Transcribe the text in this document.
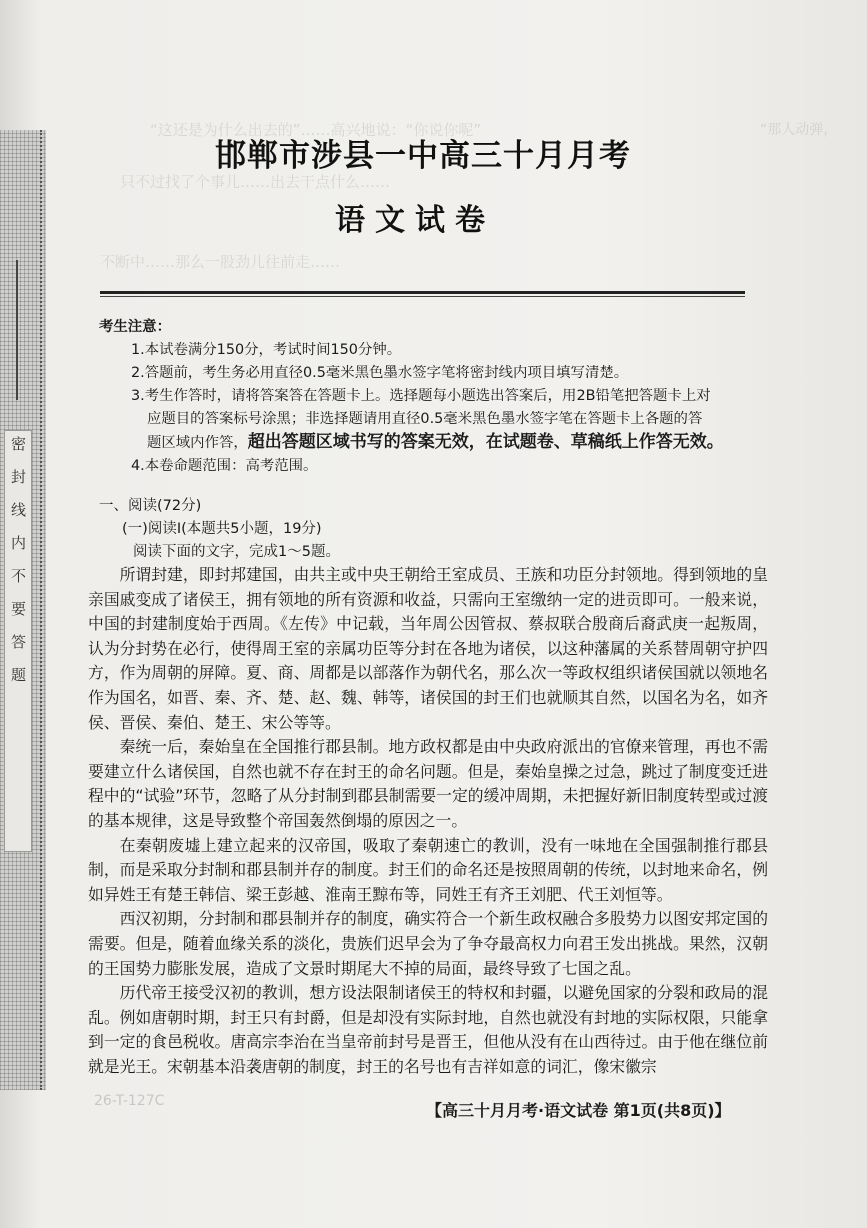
“这还是为什么出去的”……高兴地说：“你说你呢”
只不过找了个事儿……出去干点什么……
“那人动弹，
不断中……那么一股劲儿往前走……
密封线内不要答题
邯郸市涉县一中高三十月月考
语文试卷

考生注意：

1.本试卷满分150分，考试时间150分钟。

2.答题前，考生务必用直径0.5毫米黑色墨水签字笔将密封线内项目填写清楚。

3.考生作答时，请将答案答在答题卡上。选择题每小题选出答案后，用2B铅笔把答题卡上对

应题目的答案标号涂黑；非选择题请用直径0.5毫米黑色墨水签字笔在答题卡上各题的答

题区域内作答，超出答题区域书写的答案无效，在试题卷、草稿纸上作答无效。

4.本卷命题范围：高考范围。

一、阅读(72分)
(一)阅读Ⅰ(本题共5小题，19分)
阅读下面的文字，完成1～5题。

所谓封建，即封邦建国，由共主或中央王朝给王室成员、王族和功臣分封领地。得到领地的皇亲国戚变成了诸侯王，拥有领地的所有资源和收益，只需向王室缴纳一定的进贡即可。一般来说，中国的封建制度始于西周。《左传》中记载，当年周公因管叔、蔡叔联合殷商后裔武庚一起叛周，认为分封势在必行，使得周王室的亲属功臣等分封在各地为诸侯，以这种藩属的关系替周朝守护四方，作为周朝的屏障。夏、商、周都是以部落作为朝代名，那么次一等政权组织诸侯国就以领地名作为国名，如晋、秦、齐、楚、赵、魏、韩等，诸侯国的封王们也就顺其自然，以国名为名，如齐侯、晋侯、秦伯、楚王、宋公等等。

秦统一后，秦始皇在全国推行郡县制。地方政权都是由中央政府派出的官僚来管理，再也不需要建立什么诸侯国，自然也就不存在封王的命名问题。但是，秦始皇操之过急，跳过了制度变迁进程中的“试验”环节，忽略了从分封制到郡县制需要一定的缓冲周期，未把握好新旧制度转型或过渡的基本规律，这是导致整个帝国轰然倒塌的原因之一。

在秦朝废墟上建立起来的汉帝国，吸取了秦朝速亡的教训，没有一味地在全国强制推行郡县制，而是采取分封制和郡县制并存的制度。封王们的命名还是按照周朝的传统，以封地来命名，例如异姓王有楚王韩信、梁王彭越、淮南王黥布等，同姓王有齐王刘肥、代王刘恒等。

西汉初期，分封制和郡县制并存的制度，确实符合一个新生政权融合多股势力以图安邦定国的需要。但是，随着血缘关系的淡化，贵族们迟早会为了争夺最高权力向君王发出挑战。果然，汉朝的王国势力膨胀发展，造成了文景时期尾大不掉的局面，最终导致了七国之乱。

历代帝王接受汉初的教训，想方设法限制诸侯王的特权和封疆，以避免国家的分裂和政局的混乱。例如唐朝时期，封王只有封爵，但是却没有实际封地，自然也就没有封地的实际权限，只能拿到一定的食邑税收。唐高宗李治在当皇帝前封号是晋王，但他从没有在山西待过。由于他在继位前就是光王。宋朝基本沿袭唐朝的制度，封王的名号也有吉祥如意的词汇，像宋徽宗

26-T-127C	【高三十月月考·语文试卷 第1页(共8页)】
